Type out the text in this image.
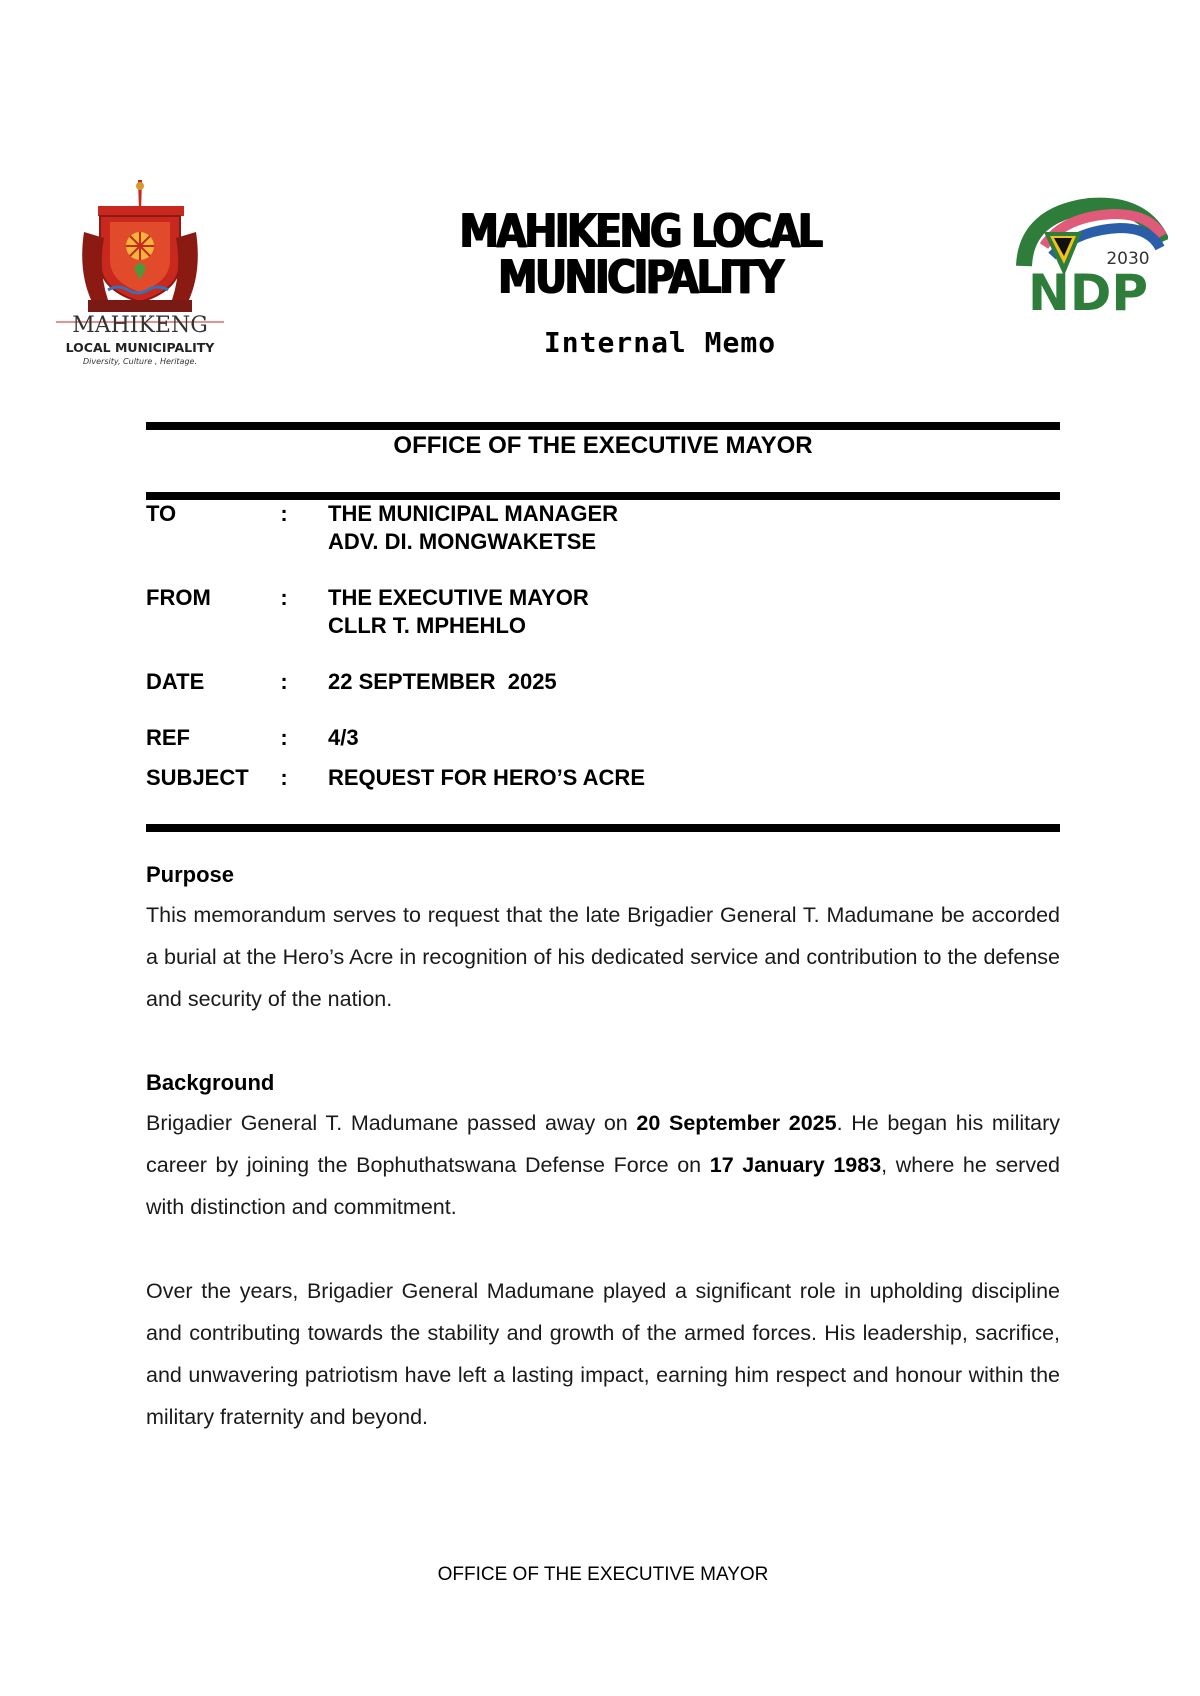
MAHIKENG
LOCAL MUNICIPALITY
Diversity, Culture , Heritage.
MAHIKENG LOCAL MUNICIPALITY	2030
NDP
Internal Memo
OFFICE OF THE EXECUTIVE MAYOR
TO	: THE MUNICIPAL MANAGER
ADV. DI. MONGWAKETSE
FROM	: THE EXECUTIVE MAYOR
CLLR T. MPHEHLO
DATE	: 22 SEPTEMBER  2025
REF	: 4/3
SUBJECT	: REQUEST FOR HERO’S ACRE
Purpose
This memorandum serves to request that the late Brigadier General T. Madumane be accorded a burial at the Hero’s Acre in recognition of his dedicated service and contribution to the defense and security of the nation.
Background
Brigadier General T. Madumane passed away on 20 September 2025. He began his military career by joining the Bophuthatswana Defense Force on 17 January 1983, where he served with distinction and commitment.
Over the years, Brigadier General Madumane played a significant role in upholding discipline and contributing towards the stability and growth of the armed forces. His leadership, sacrifice, and unwavering patriotism have left a lasting impact, earning him respect and honour within the military fraternity and beyond.
OFFICE OF THE EXECUTIVE MAYOR
